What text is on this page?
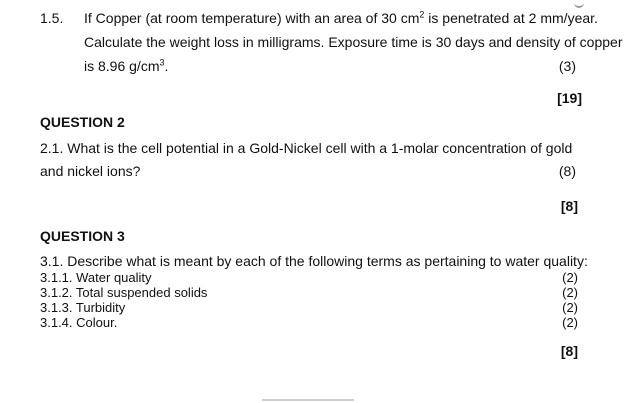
1.5. If Copper (at room temperature) with an area of 30 $cm^2$ is penetrated at 2 mm/year.
Calculate the weight loss in milligrams. Exposure time is 30 days and density of copper
is 8.96 $g/cm^3$.	(3)
[19]
QUESTION 2
2.1. What is the cell potential in a Gold-Nickel cell with a 1-molar concentration of gold
and nickel ions?	(8)
[8]
QUESTION 3
3.1. Describe what is meant by each of the following terms as pertaining to water quality:
3.1.1. Water quality	(2)
3.1.2. Total suspended solids	(2)
3.1.3. Turbidity	(2)
3.1.4. Colour.	(2)
[8]
